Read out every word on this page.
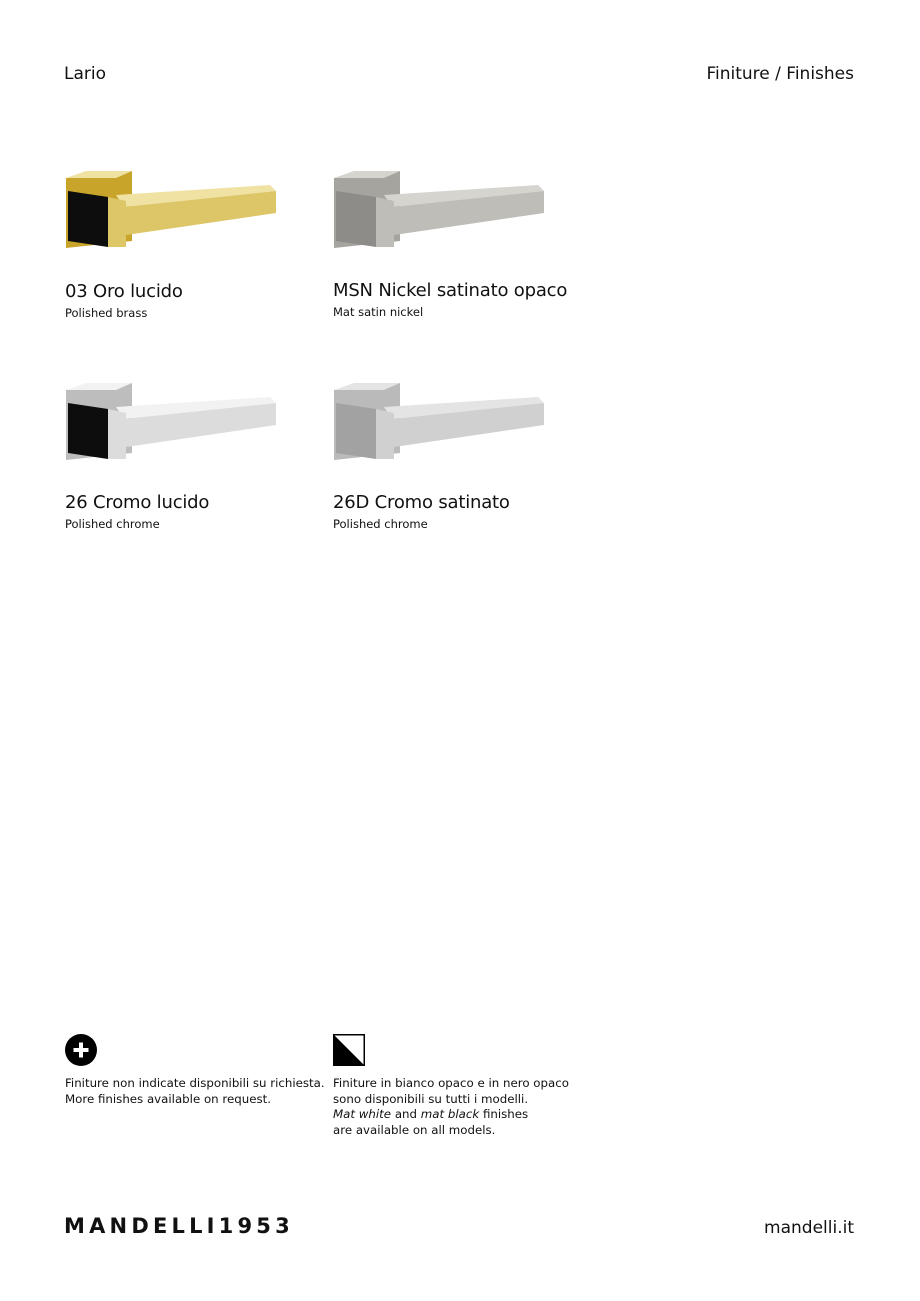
Lario	Finiture / Finishes
03 Oro lucido
Polished brass
MSN Nickel satinato opaco
Mat satin nickel
26 Cromo lucido
Polished chrome
26D Cromo satinato
Polished chrome
Finiture non indicate disponibili su richiesta.
More finishes available on request.
Finiture in bianco opaco e in nero opaco
sono disponibili su tutti i modelli.
Mat white and mat black finishes
are available on all models.
MANDELLI1953	mandelli.it
